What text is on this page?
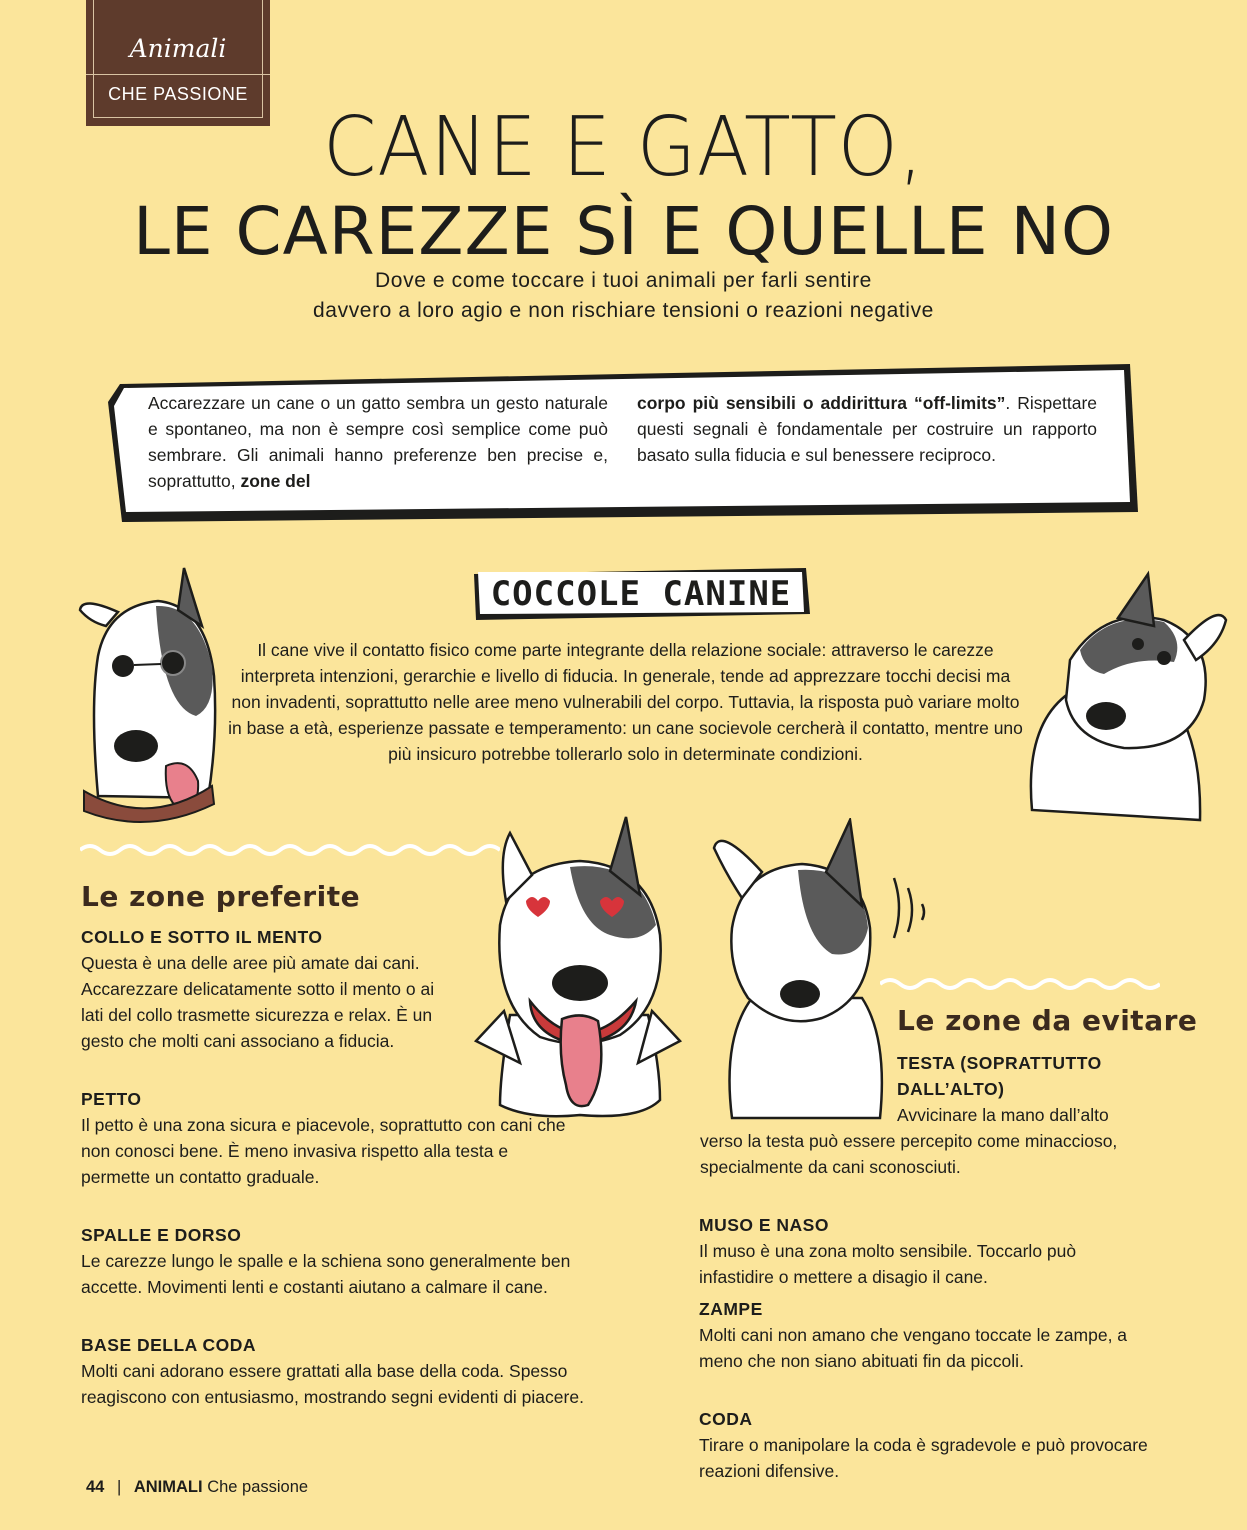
Animali
CHE PASSIONE
CANE E GATTO,
LE CAREZZE SÌ E QUELLE NO
Dove e come toccare i tuoi animali per farli sentire
davvero a loro agio e non rischiare tensioni o reazioni negative
Accarezzare un cane o un gatto sembra un gesto naturale e spontaneo, ma non è sempre così semplice come può sembrare. Gli animali hanno preferenze ben precise e, soprattutto, zone del
corpo più sensibili o addirittura “off-limits”. Rispettare questi segnali è fondamentale per costruire un rapporto basato sulla fiducia e sul benessere reciproco.
COCCOLE CANINE
Il cane vive il contatto fisico come parte integrante della relazione sociale: attraverso le carezze interpreta intenzioni, gerarchie e livello di fiducia. In generale, tende ad apprezzare tocchi decisi ma non invadenti, soprattutto nelle aree meno vulnerabili del corpo. Tuttavia, la risposta può variare molto in base a età, esperienze passate e temperamento: un cane socievole cercherà il contatto, mentre uno più insicuro potrebbe tollerarlo solo in determinate condizioni.
Le zone preferite
COLLO E SOTTO IL MENTO
Questa è una delle aree più amate dai cani. Accarezzare delicatamente sotto il mento o ai lati del collo trasmette sicurezza e relax. È un gesto che molti cani associano a fiducia.
PETTO
Il petto è una zona sicura e piacevole, soprattutto con cani che non conosci bene. È meno invasiva rispetto alla testa e permette un contatto graduale.
SPALLE E DORSO
Le carezze lungo le spalle e la schiena sono generalmente ben accette. Movimenti lenti e costanti aiutano a calmare il cane.
BASE DELLA CODA
Molti cani adorano essere grattati alla base della coda. Spesso reagiscono con entusiasmo, mostrando segni evidenti di piacere.
Le zone da evitare
TESTA (SOPRATTUTTO DALL’ALTO)
Avvicinare la mano dall’alto verso la testa può essere percepito come minaccioso, specialmente da cani sconosciuti.
MUSO E NASO
Il muso è una zona molto sensibile. Toccarlo può infastidire o mettere a disagio il cane.
ZAMPE
Molti cani non amano che vengano toccate le zampe, a meno che non siano abituati fin da piccoli.
CODA
Tirare o manipolare la coda è sgradevole e può provocare reazioni difensive.
44 | ANIMALI Che passione
